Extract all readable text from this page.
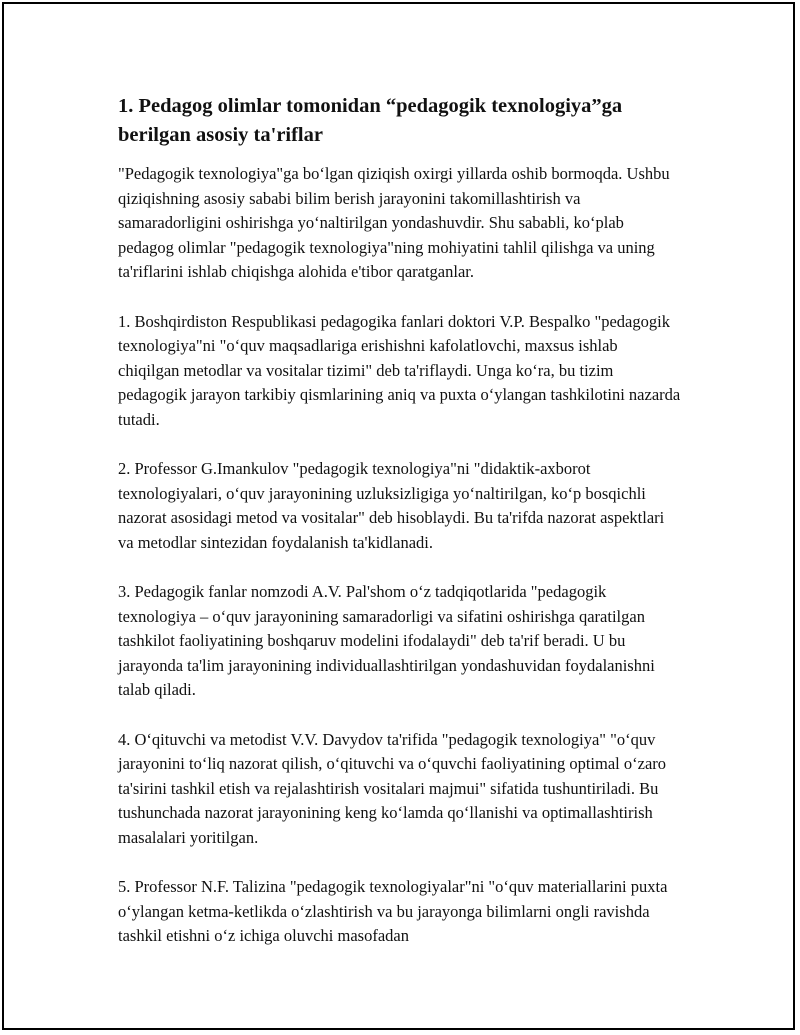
1. Pedagog olimlar tomonidan “pedagogik texnologiya”ga berilgan asosiy ta'riflar

"Pedagogik texnologiya"ga bo‘lgan qiziqish oxirgi yillarda oshib bormoqda. Ushbu qiziqishning asosiy sababi bilim berish jarayonini takomillashtirish va samaradorligini oshirishga yo‘naltirilgan yondashuvdir. Shu sababli, ko‘plab pedagog olimlar "pedagogik texnologiya"ning mohiyatini tahlil qilishga va uning ta'riflarini ishlab chiqishga alohida e'tibor qaratganlar.

1. Boshqirdiston Respublikasi pedagogika fanlari doktori V.P. Bespalko "pedagogik texnologiya"ni "o‘quv maqsadlariga erishishni kafolatlovchi, maxsus ishlab chiqilgan metodlar va vositalar tizimi" deb ta'riflaydi. Unga ko‘ra, bu tizim pedagogik jarayon tarkibiy qismlarining aniq va puxta o‘ylangan tashkilotini nazarda tutadi.

2. Professor G.Imankulov "pedagogik texnologiya"ni "didaktik-axborot texnologiyalari, o‘quv jarayonining uzluksizligiga yo‘naltirilgan, ko‘p bosqichli nazorat asosidagi metod va vositalar" deb hisoblaydi. Bu ta'rifda nazorat aspektlari va metodlar sintezidan foydalanish ta'kidlanadi.

3. Pedagogik fanlar nomzodi A.V. Pal'shom o‘z tadqiqotlarida "pedagogik texnologiya – o‘quv jarayonining samaradorligi va sifatini oshirishga qaratilgan tashkilot faoliyatining boshqaruv modelini ifodalaydi" deb ta'rif beradi. U bu jarayonda ta'lim jarayonining individuallashtirilgan yondashuvidan foydalanishni talab qiladi.

4. O‘qituvchi va metodist V.V. Davydov ta'rifida "pedagogik texnologiya" "o‘quv jarayonini to‘liq nazorat qilish, o‘qituvchi va o‘quvchi faoliyatining optimal o‘zaro ta'sirini tashkil etish va rejalashtirish vositalari majmui" sifatida tushuntiriladi. Bu tushunchada nazorat jarayonining keng ko‘lamda qo‘llanishi va optimallashtirish masalalari yoritilgan.

5. Professor N.F. Talizina "pedagogik texnologiyalar"ni "o‘quv materiallarini puxta o‘ylangan ketma-ketlikda o‘zlashtirish va bu jarayonga bilimlarni ongli ravishda tashkil etishni o‘z ichiga oluvchi masofadan
